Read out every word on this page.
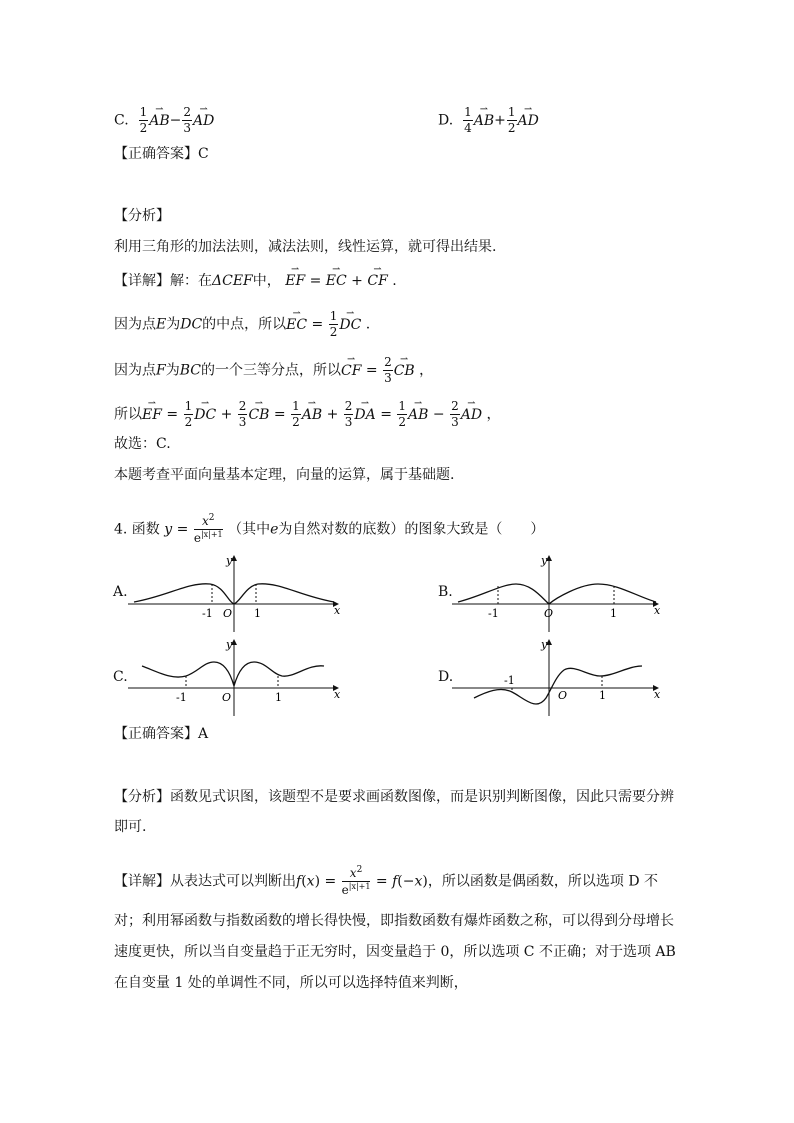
C. $\frac{1}{2}$ ⇀ $AB- \frac{2}{3}$ ⇀ AD	D. $\frac{1}{4}$ ⇀ $AB+ \frac{1}{2}$ ⇀ AD
【正确答案】C
【分析】
利用三角形的加法法则，减法法则，线性运算，就可得出结果.
【详解】解：在ΔCEF中， ⇀ EF = ⇀ EC + ⇀ CF .
因为点E为DC的中点，所以⇀ EC = $\frac{1}{2}$ ⇀ DC .
因为点F为BC的一个三等分点，所以⇀ CF = $\frac{2}{3}$ ⇀ CB ，
所以⇀ EF = $\frac{1}{2}$ ⇀ DC + $\frac{2}{3}$ ⇀ CB = $\frac{1}{2}$ ⇀ AB + $\frac{2}{3}$ ⇀ DA = $\frac{1}{2}$ ⇀ AB − $\frac{2}{3}$ ⇀ AD ，
故选：C.
本题考查平面向量基本定理，向量的运算，属于基础题.
4. 函数 $y = \frac{x^2}{e^{|x|+1}}$ （其中e为自然对数的底数）的图象大致是（　　）
A.
y
x
O
-1	1
B.
y
x
O
-1	1
C.
y
x
O
-1	1
D.
y
x
O
-1
1
【正确答案】A
【分析】函数见式识图，该题型不是要求画函数图像，而是识别判断图像，因此只需要分辨
即可.
【详解】从表达式可以判断出$f(x) = \frac{x^2}{e^{|x|+1}} = f(-x)$，所以函数是偶函数，所以选项 D 不
对；利用幂函数与指数函数的增长得快慢，即指数函数有爆炸函数之称，可以得到分母增长
速度更快，所以当自变量趋于正无穷时，因变量趋于 0，所以选项 C 不正确；对于选项 AB
在自变量 1 处的单调性不同，所以可以选择特值来判断，
